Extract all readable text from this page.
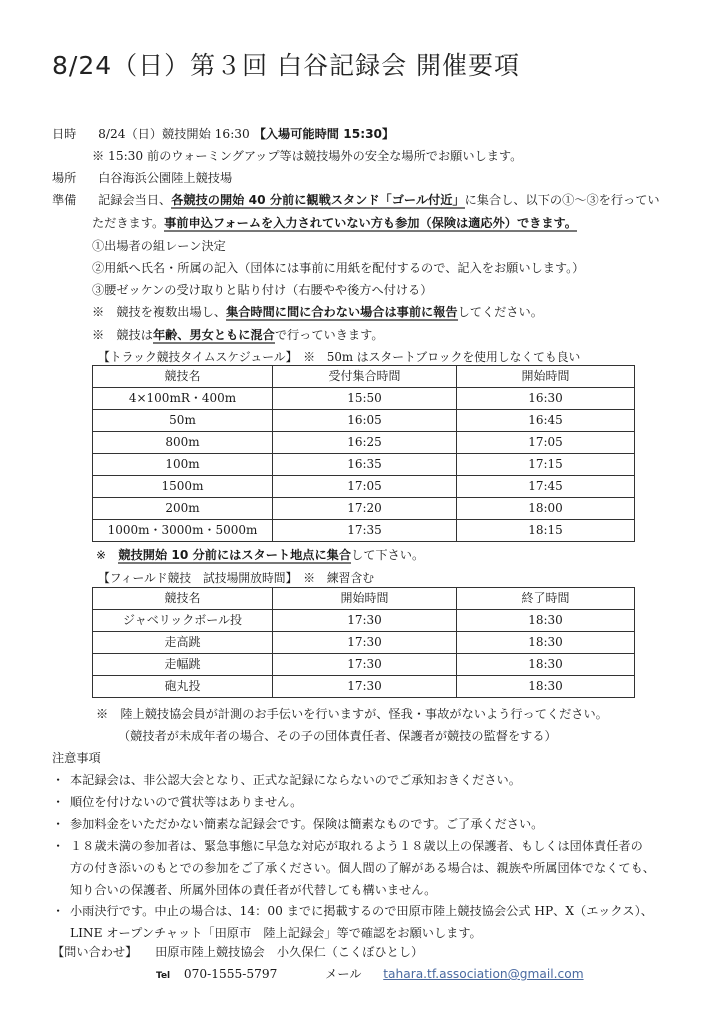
8/24（日）第３回 白谷記録会 開催要項
日時 8/24（日）競技開始 16:30 【入場可能時間 15:30】
※ 15:30 前のウォーミングアップ等は競技場外の安全な場所でお願いします。
場所 白谷海浜公園陸上競技場
準備 記録会当日、各競技の開始 40 分前に観戦スタンド「ゴール付近」に集合し、以下の①～③を行ってい
ただきます。事前申込フォームを入力されていない方も参加（保険は適応外）できます。
①出場者の組レーン決定
②用紙へ氏名・所属の記入（団体には事前に用紙を配付するので、記入をお願いします。）
③腰ゼッケンの受け取りと貼り付け（右腰やや後方へ付ける）
※　競技を複数出場し、集合時間に間に合わない場合は事前に報告してください。
※　競技は年齢、男女ともに混合で行っていきます。
【トラック競技タイムスケジュール】　※　50m はスタートブロックを使用しなくても良い
競技名	受付集合時間	開始時間
4×100mR・400m	15:50	16:30
50m	16:05	16:45
800m	16:25	17:05
100m	16:35	17:15
1500m	17:05	17:45
200m	17:20	18:00
1000m・3000m・5000m	17:35	18:15
※　競技開始 10 分前にはスタート地点に集合して下さい。
【フィールド競技　試技場開放時間】　※　練習含む
競技名	開始時間	終了時間
ジャベリックボール投	17:30	18:30
走高跳	17:30	18:30
走幅跳	17:30	18:30
砲丸投	17:30	18:30
※　陸上競技協会員が計測のお手伝いを行いますが、怪我・事故がないよう行ってください。
（競技者が未成年者の場合、その子の団体責任者、保護者が競技の監督をする）
注意事項
・ 本記録会は、非公認大会となり、正式な記録にならないのでご承知おきください。
・ 順位を付けないので賞状等はありません。
・ 参加料金をいただかない簡素な記録会です。保険は簡素なものです。ご了承ください。
・ １８歳未満の参加者は、緊急事態に早急な対応が取れるよう１８歳以上の保護者、もしくは団体責任者の
方の付き添いのもとでの参加をご了承ください。個人間の了解がある場合は、親族や所属団体でなくても、
知り合いの保護者、所属外団体の責任者が代替しても構いません。
・ 小雨決行です。中止の場合は、14：00 までに掲載するので田原市陸上競技協会公式 HP、X（エックス）、
LINE オープンチャット「田原市　陸上記録会」等で確認をお願いします。
【問い合わせ】 田原市陸上競技協会　小久保仁（こくぼひとし）
Tel 070-1555-5797	メール tahara.tf.association@gmail.com
